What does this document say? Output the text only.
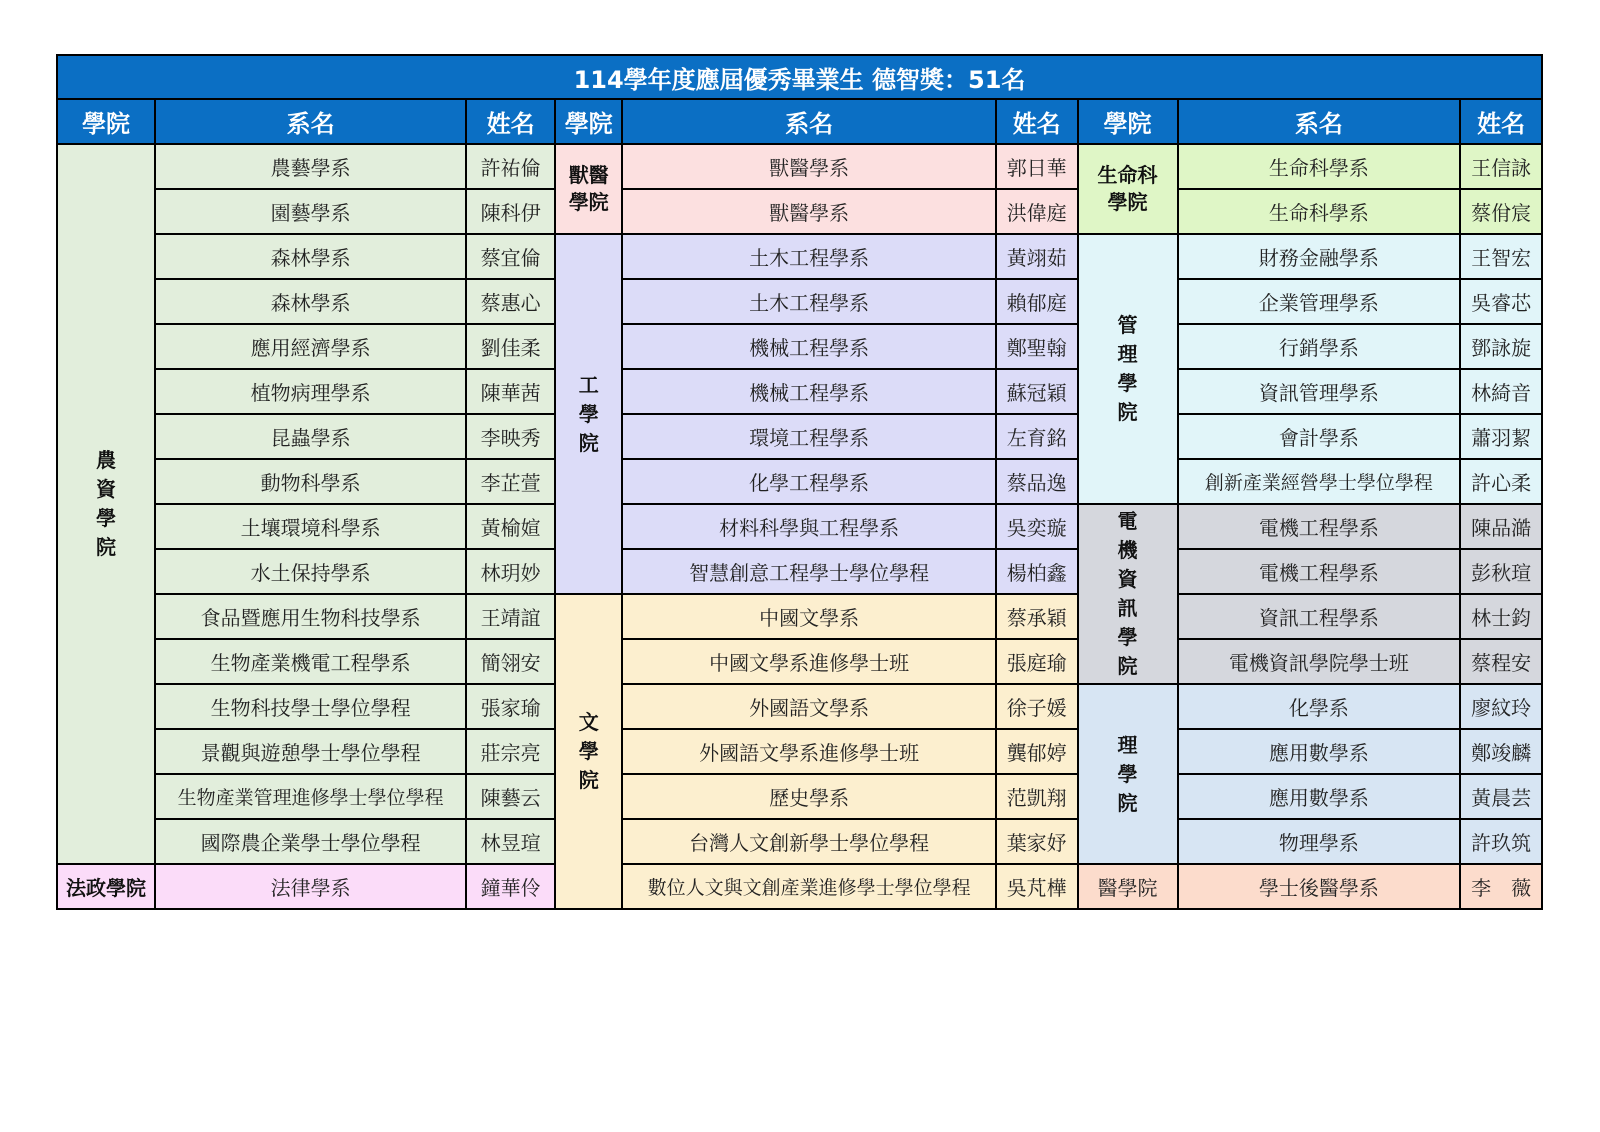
114學年度應屆優秀畢業生 德智獎：51名								
學院	系名	姓名	學院	系名	姓名	學院	系名	姓名
農資學院	農藝學系	許祐倫	獸醫學院	獸醫學系	郭日華	生命科學院	生命科學系	王信詠
	園藝學系	陳科伊		獸醫學系	洪偉庭		生命科學系	蔡佾宸
	森林學系	蔡宜倫	工學院	土木工程學系	黃翊茹	管理學院	財務金融學系	王智宏
	森林學系	蔡惠心		土木工程學系	賴郁庭		企業管理學系	吳睿芯
	應用經濟學系	劉佳柔		機械工程學系	鄭聖翰		行銷學系	鄧詠旋
	植物病理學系	陳華茜		機械工程學系	蘇冠穎		資訊管理學系	林綺音
	昆蟲學系	李映秀		環境工程學系	左育銘		會計學系	蕭羽絜
	動物科學系	李芷萱		化學工程學系	蔡品逸		創新產業經營學士學位學程	許心柔
	土壤環境科學系	黃榆媗		材料科學與工程學系	吳奕璇	電機資訊學院	電機工程學系	陳品澔
	水土保持學系	林玥妙		智慧創意工程學士學位學程	楊柏鑫		電機工程學系	彭秋瑄
	食品暨應用生物科技學系	王靖誼	文學院	中國文學系	蔡承穎		資訊工程學系	林士鈞
	生物產業機電工程學系	簡翎安		中國文學系進修學士班	張庭瑜		電機資訊學院學士班	蔡程安
	生物科技學士學位學程	張家瑜		外國語文學系	徐子媛	理學院	化學系	廖紋玲
	景觀與遊憩學士學位學程	莊宗亮		外國語文學系進修學士班	龔郁婷		應用數學系	鄭竣麟
	生物產業管理進修學士學位學程	陳藝云		歷史學系	范凱翔		應用數學系	黃晨芸
	國際農企業學士學位學程	林昱瑄		台灣人文創新學士學位學程	葉家妤		物理學系	許玖筑
法政學院	法律學系	鐘華伶		數位人文與文創產業進修學士學位學程	吳芃樺	醫學院	學士後醫學系	李　薇
